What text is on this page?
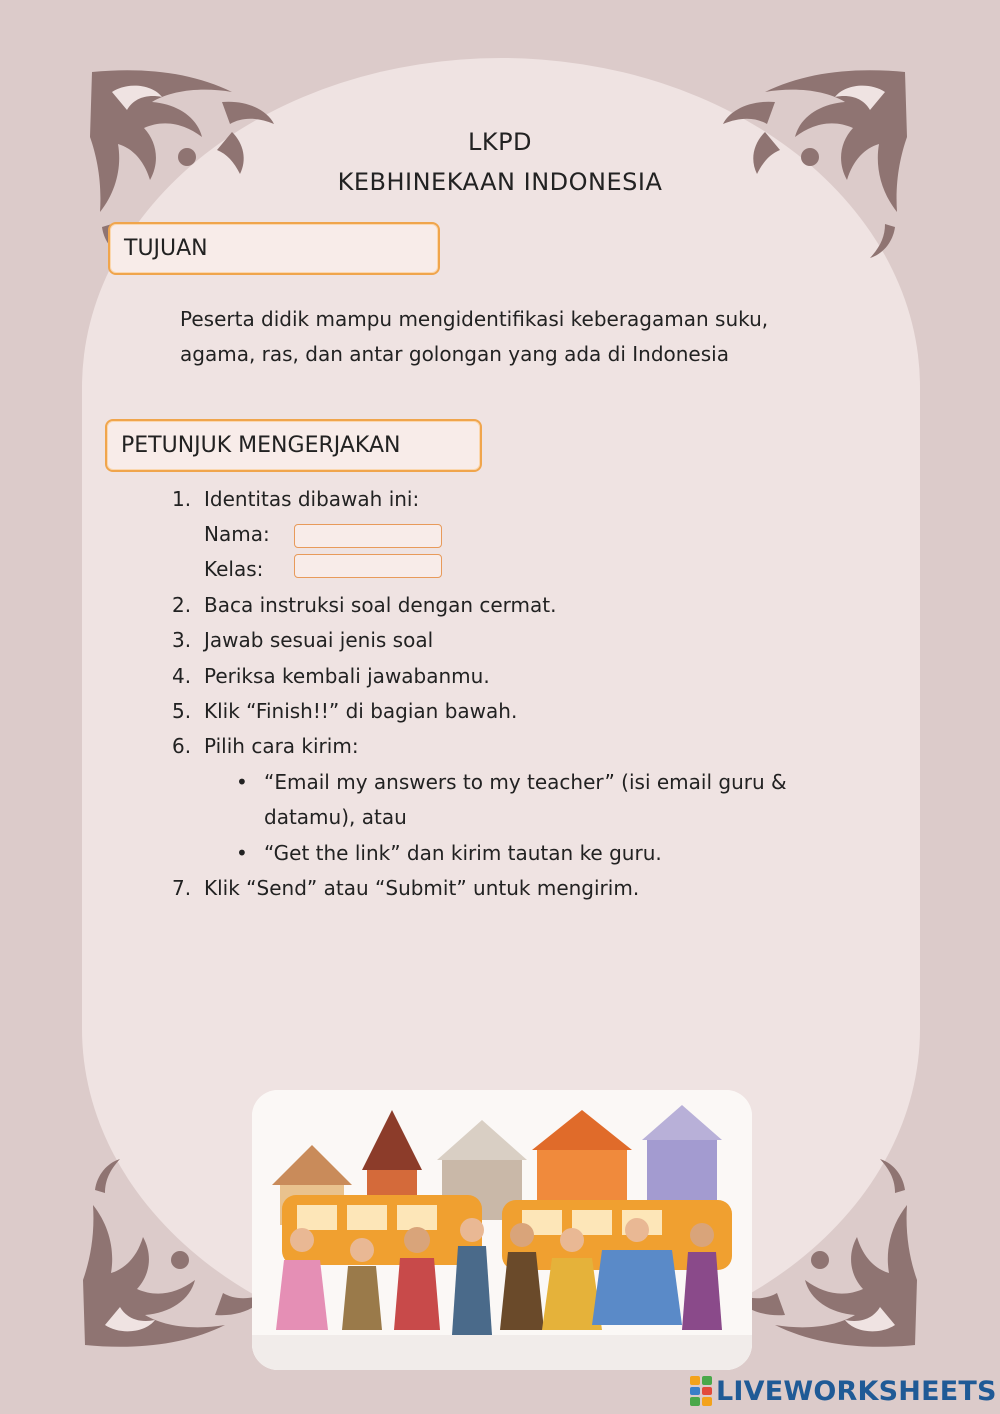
LKPD
KEBHINEKAAN INDONESIA
TUJUAN
Peserta didik mampu mengidentifikasi keberagaman suku, agama, ras, dan antar golongan yang ada di Indonesia
PETUNJUK MENGERJAKAN
1. Identitas dibawah ini:
Nama:
Kelas:
2. Baca instruksi soal dengan cermat.
3. Jawab sesuai jenis soal
4. Periksa kembali jawabanmu.
5. Klik “Finish!!” di bagian bawah.
6. Pilih cara kirim:
• “Email my answers to my teacher” (isi email guru &
datamu), atau
• “Get the link” dan kirim tautan ke guru.
7. Klik “Send” atau “Submit” untuk mengirim.
LIVEWORKSHEETS
